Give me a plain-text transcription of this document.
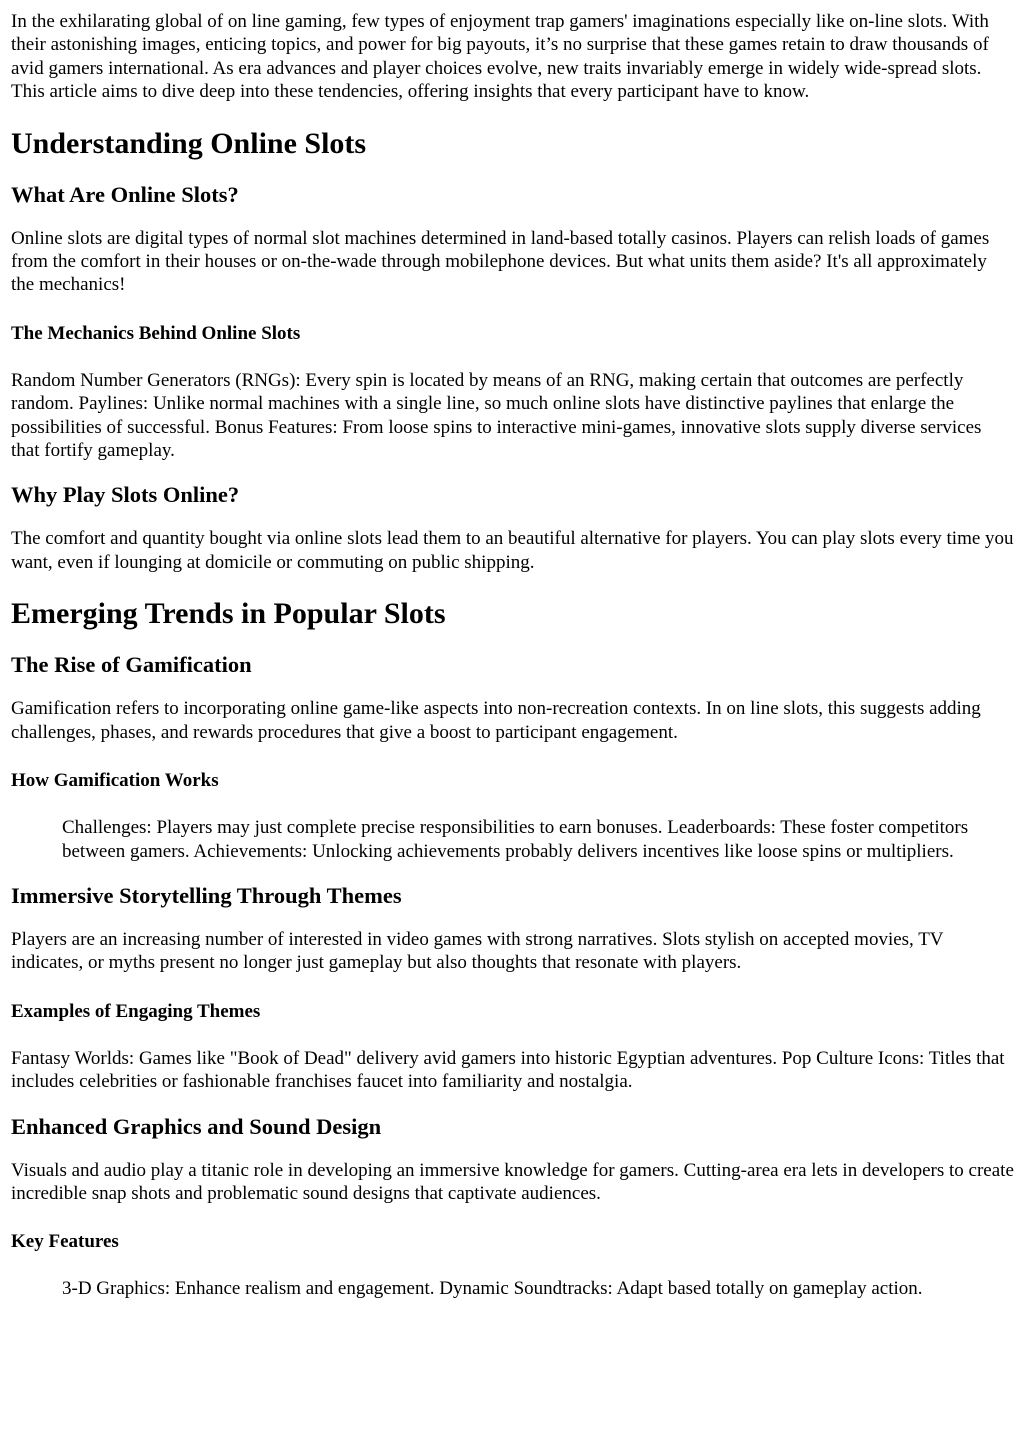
In the exhilarating global of on line gaming, few types of enjoyment trap gamers' imaginations especially like on-line slots. With their astonishing images, enticing topics, and power for big payouts, it’s no surprise that these games retain to draw thousands of avid gamers international. As era advances and player choices evolve, new traits invariably emerge in widely wide-spread slots. This article aims to dive deep into these tendencies, offering insights that every participant have to know.

Understanding Online Slots
What Are Online Slots?

Online slots are digital types of normal slot machines determined in land-based totally casinos. Players can relish loads of games from the comfort in their houses or on-the-wade through mobilephone devices. But what units them aside? It's all approximately the mechanics!

The Mechanics Behind Online Slots

Random Number Generators (RNGs): Every spin is located by means of an RNG, making certain that outcomes are perfectly random. Paylines: Unlike normal machines with a single line, so much online slots have distinctive paylines that enlarge the possibilities of successful. Bonus Features: From loose spins to interactive mini-games, innovative slots supply diverse services that fortify gameplay.

Why Play Slots Online?

The comfort and quantity bought via online slots lead them to an beautiful alternative for players. You can play slots every time you want, even if lounging at domicile or commuting on public shipping.

Emerging Trends in Popular Slots
The Rise of Gamification

Gamification refers to incorporating online game-like aspects into non-recreation contexts. In on line slots, this suggests adding challenges, phases, and rewards procedures that give a boost to participant engagement.

How Gamification Works
Challenges: Players may just complete precise responsibilities to earn bonuses. Leaderboards: These foster competitors between gamers. Achievements: Unlocking achievements probably delivers incentives like loose spins or multipliers.
Immersive Storytelling Through Themes

Players are an increasing number of interested in video games with strong narratives. Slots stylish on accepted movies, TV indicates, or myths present no longer just gameplay but also thoughts that resonate with players.

Examples of Engaging Themes

Fantasy Worlds: Games like "Book of Dead" delivery avid gamers into historic Egyptian adventures. Pop Culture Icons: Titles that includes celebrities or fashionable franchises faucet into familiarity and nostalgia.

Enhanced Graphics and Sound Design

Visuals and audio play a titanic role in developing an immersive knowledge for gamers. Cutting-area era lets in developers to create incredible snap shots and problematic sound designs that captivate audiences.

Key Features
3-D Graphics: Enhance realism and engagement. Dynamic Soundtracks: Adapt based totally on gameplay action.
